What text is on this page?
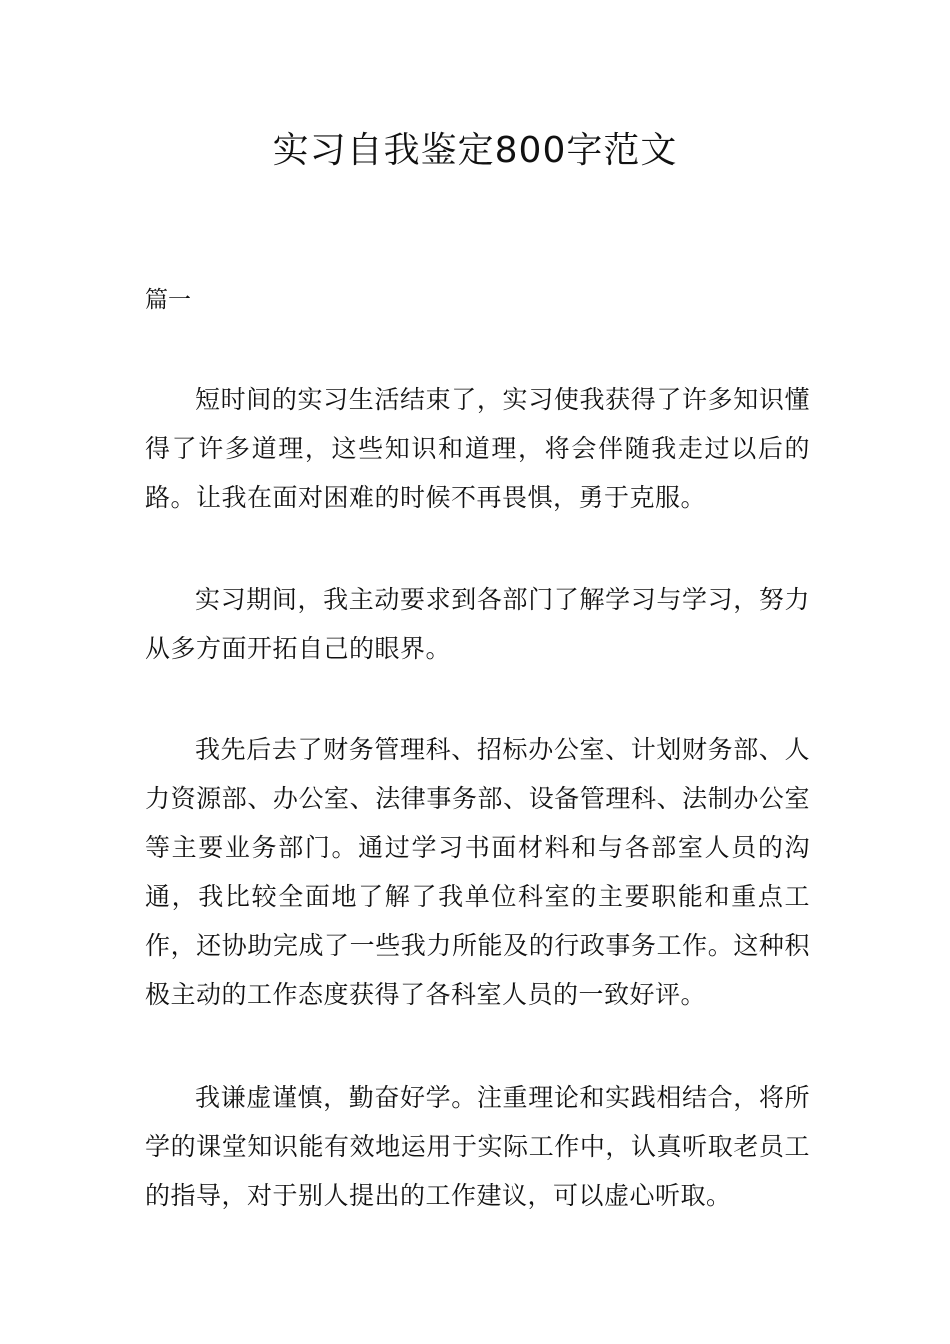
实习自我鉴定800字范文
篇一

短时间的实习生活结束了，实习使我获得了许多知识懂得了许多道理，这些知识和道理，将会伴随我走过以后的路。让我在面对困难的时候不再畏惧，勇于克服。

实习期间，我主动要求到各部门了解学习与学习，努力从多方面开拓自己的眼界。

我先后去了财务管理科、招标办公室、计划财务部、人力资源部、办公室、法律事务部、设备管理科、法制办公室等主要业务部门。通过学习书面材料和与各部室人员的沟通，我比较全面地了解了我单位科室的主要职能和重点工作，还协助完成了一些我力所能及的行政事务工作。这种积极主动的工作态度获得了各科室人员的一致好评。

我谦虚谨慎，勤奋好学。注重理论和实践相结合，将所学的课堂知识能有效地运用于实际工作中，认真听取老员工的指导，对于别人提出的工作建议，可以虚心听取。
